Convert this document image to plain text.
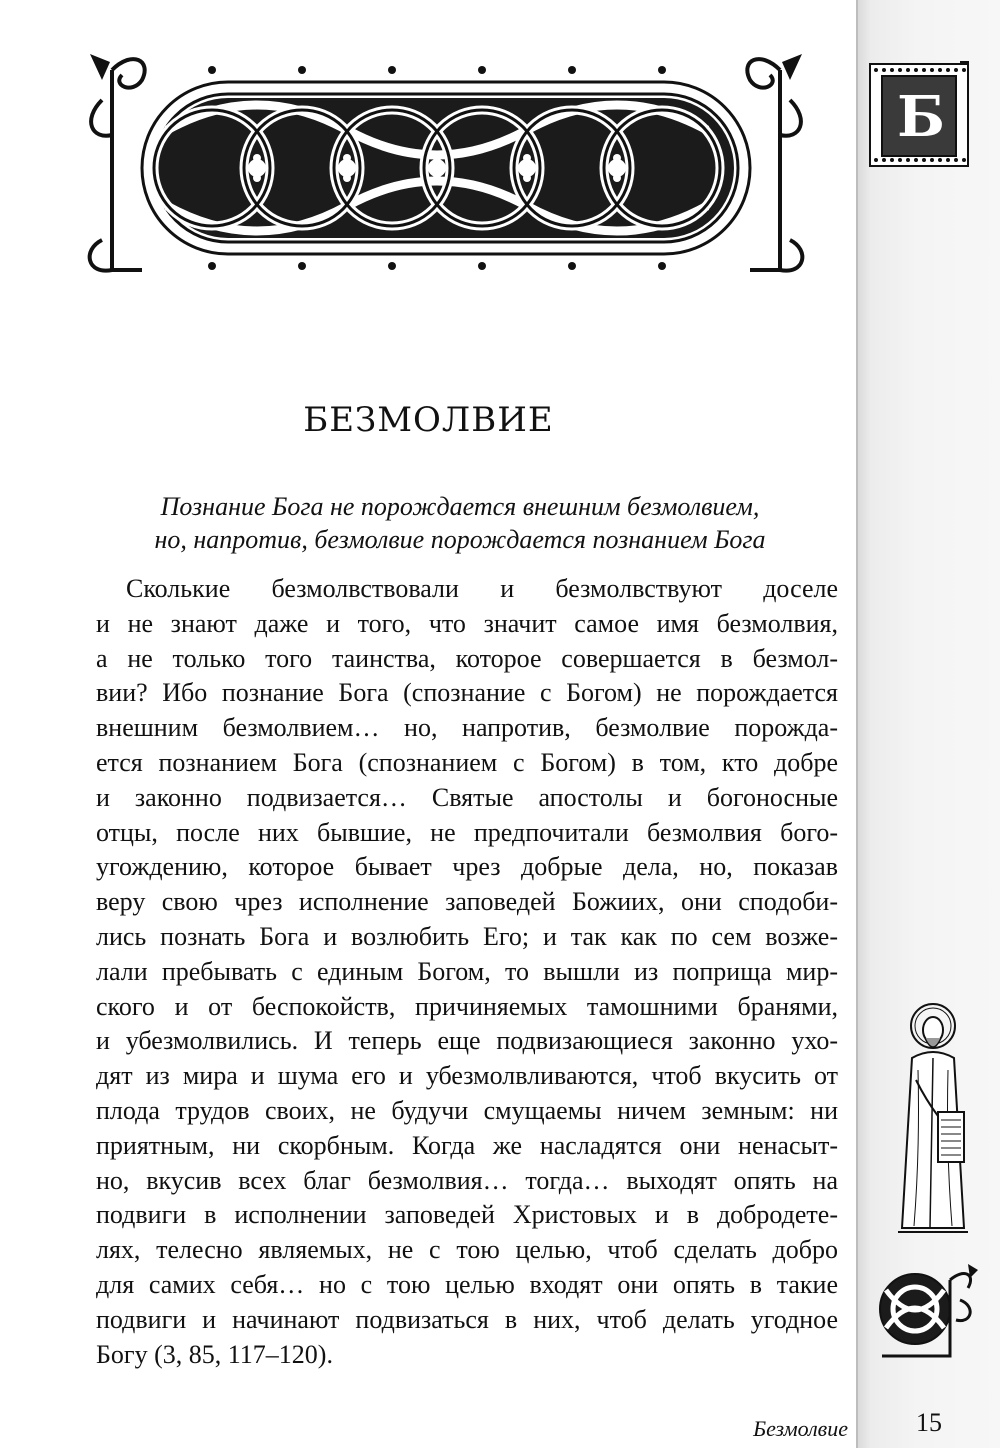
Б
БЕЗМОЛВИЕ
Познание Бога не порождается внешним безмолвием,
но, напротив, безмолвие порождается познанием Бога
Сколькие безмолвствовали и безмолвствуют доселе
и не знают даже и того, что значит самое имя безмолвия,
а не только того таинства, которое совершается в безмол-
вии? Ибо познание Бога (спознание с Богом) не порождается
внешним безмолвием… но, напротив, безмолвие порожда-
ется познанием Бога (спознанием с Богом) в том, кто добре
и законно подвизается… Святые апостолы и богоносные
отцы, после них бывшие, не предпочитали безмолвия бого-
угождению, которое бывает чрез добрые дела, но, показав
веру свою чрез исполнение заповедей Божиих, они сподоби-
лись познать Бога и возлюбить Его; и так как по сем возже-
лали пребывать с единым Богом, то вышли из поприща мир-
ского и от беспокойств, причиняемых тамошними бранями,
и убезмолвились. И теперь еще подвизающиеся законно ухо-
дят из мира и шума его и убезмолвливаются, чтоб вкусить от
плода трудов своих, не будучи смущаемы ничем земным: ни
приятным, ни скорбным. Когда же насладятся они ненасыт-
но, вкусив всех благ безмолвия… тогда… выходят опять на
подвиги в исполнении заповедей Христовых и в добродете-
лях, телесно являемых, не с тою целью, чтоб сделать добро
для самих себя… но с тою целью входят они опять в такие
подвиги и начинают подвизаться в них, чтоб делать угодное
Богу (3, 85, 117–120).
Безмолвие	15
